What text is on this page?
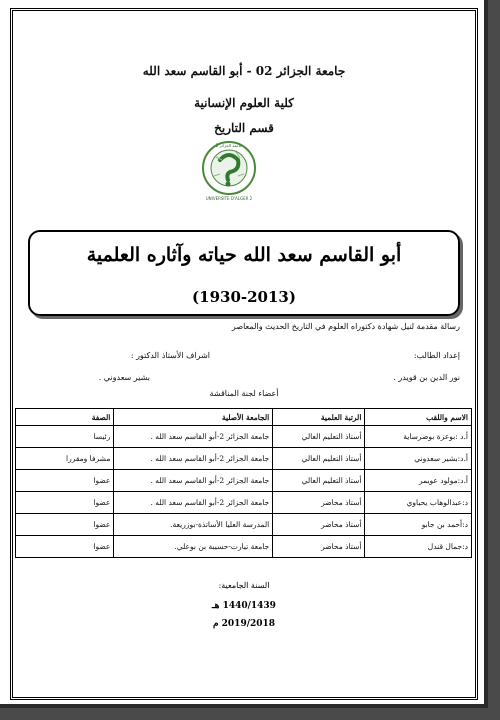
جامعة الجزائر 02 - أبو القاسم سعد الله
كلية العلوم الإنسانية
قسم التاريخ
UNIVERSITE D'ALGER 2
جامعة الجزائر 2
أبو القاسم سعد الله حياته وآثاره العلمية
(1930-2013)
رسالة مقدمة لنيل شهادة دكتوراه العلوم في التاريخ الحديث والمعاصر
إعداد الطالب:
اشراف الأستاذ الدكتور :
نور الدين بن قويدر .
بشير سعدوني .
أعضاء لجنة المناقشة
الاسم واللقب	الرتبة العلمية	الجامعة الأصلية	الصفة
أ.د :بوعزة بوضرساية	أستاذ التعليم العالي	جامعة الجزائر 2-أبو القاسم سعد الله .	رئيسا
أ.د:بشير سعدوني	أستاذ التعليم العالي	جامعة الجزائر 2-أبو القاسم سعد الله .	مشرفا ومقررا
أ.د:مولود عويمر	أستاذ التعليم العالي	جامعة الجزائر 2-أبو القاسم سعد الله .	عضوا
د:عبدالوهاب يحياوي	أستاذ محاضر	جامعة الجزائر 2-أبو القاسم سعد الله .	عضوا
د:أحمد بن جابو	أستاذ محاضر	المدرسة العليا الأساتذة-بوزريعة.	عضوا
د:جمال قندل	أستاذ محاضر	جامعة تيارت-حسيبة بن بوعلي.	عضوا
السنة الجامعية:
1440/1439 هـ
2019/2018 م
